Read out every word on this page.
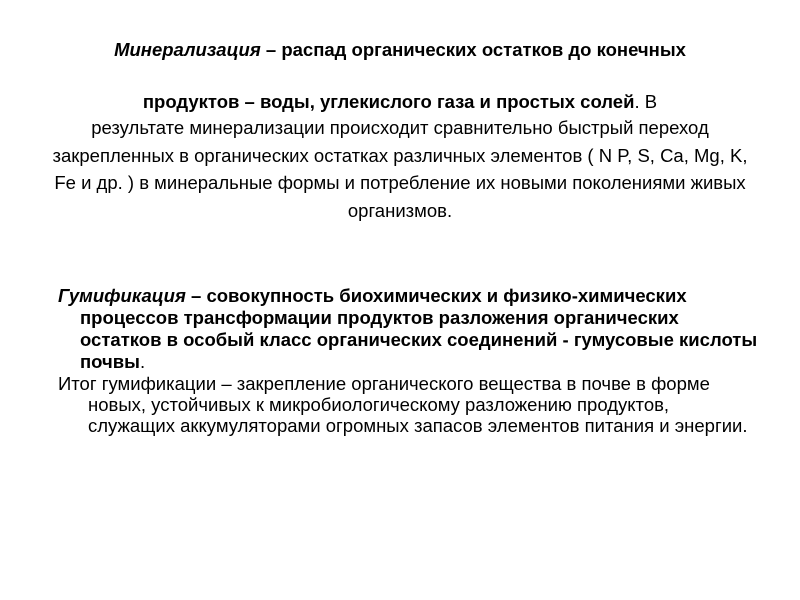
Минерализация – распад органических остатков до конечных
продуктов – воды, углекислого газа и простых солей. В
результате минерализации происходит сравнительно быстрый переход закрепленных в органических остатках различных элементов ( N P, S, Ca, Mg, K, Fe и др. ) в минеральные формы и потребление их новыми поколениями живых организмов.
Гумификация – совокупность биохимических и физико-химических процессов трансформации продуктов разложения органических остатков в особый класс органических соединений - гумусовые кислоты почвы.
Итог гумификации – закрепление органического вещества в почве в форме новых, устойчивых к микробиологическому разложению продуктов, служащих аккумуляторами огромных запасов элементов питания и энергии.
